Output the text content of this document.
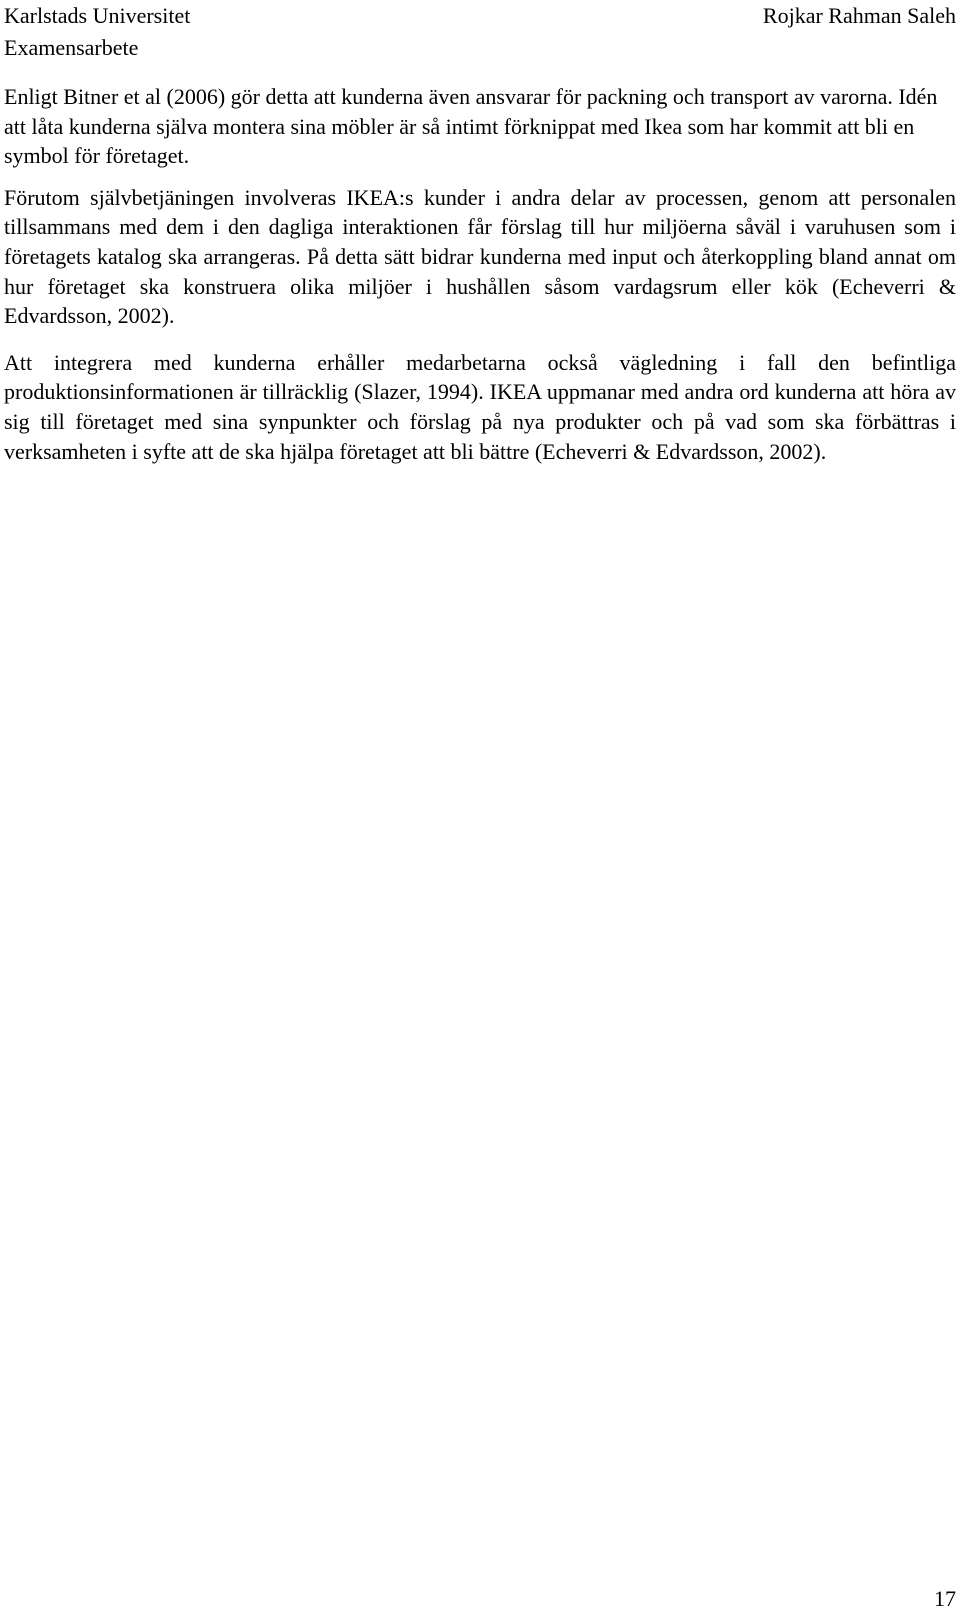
Karlstads Universitet	Rojkar Rahman Saleh
Examensarbete

Enligt Bitner et al (2006) gör detta att kunderna även ansvarar för packning och transport av varorna. Idén att låta kunderna själva montera sina möbler är så intimt förknippat med Ikea som har kommit att bli en symbol för företaget.

Förutom självbetjäningen involveras IKEA:s kunder i andra delar av processen, genom att personalen tillsammans med dem i den dagliga interaktionen får förslag till hur miljöerna såväl i varuhusen som i företagets katalog ska arrangeras. På detta sätt bidrar kunderna med input och återkoppling bland annat om hur företaget ska konstruera olika miljöer i hushållen såsom vardagsrum eller kök (Echeverri & Edvardsson, 2002).

Att integrera med kunderna erhåller medarbetarna också vägledning i fall den befintliga produktionsinformationen är tillräcklig (Slazer, 1994). IKEA uppmanar med andra ord kunderna att höra av sig till företaget med sina synpunkter och förslag på nya produkter och på vad som ska förbättras i verksamheten i syfte att de ska hjälpa företaget att bli bättre (Echeverri & Edvardsson, 2002).

17
